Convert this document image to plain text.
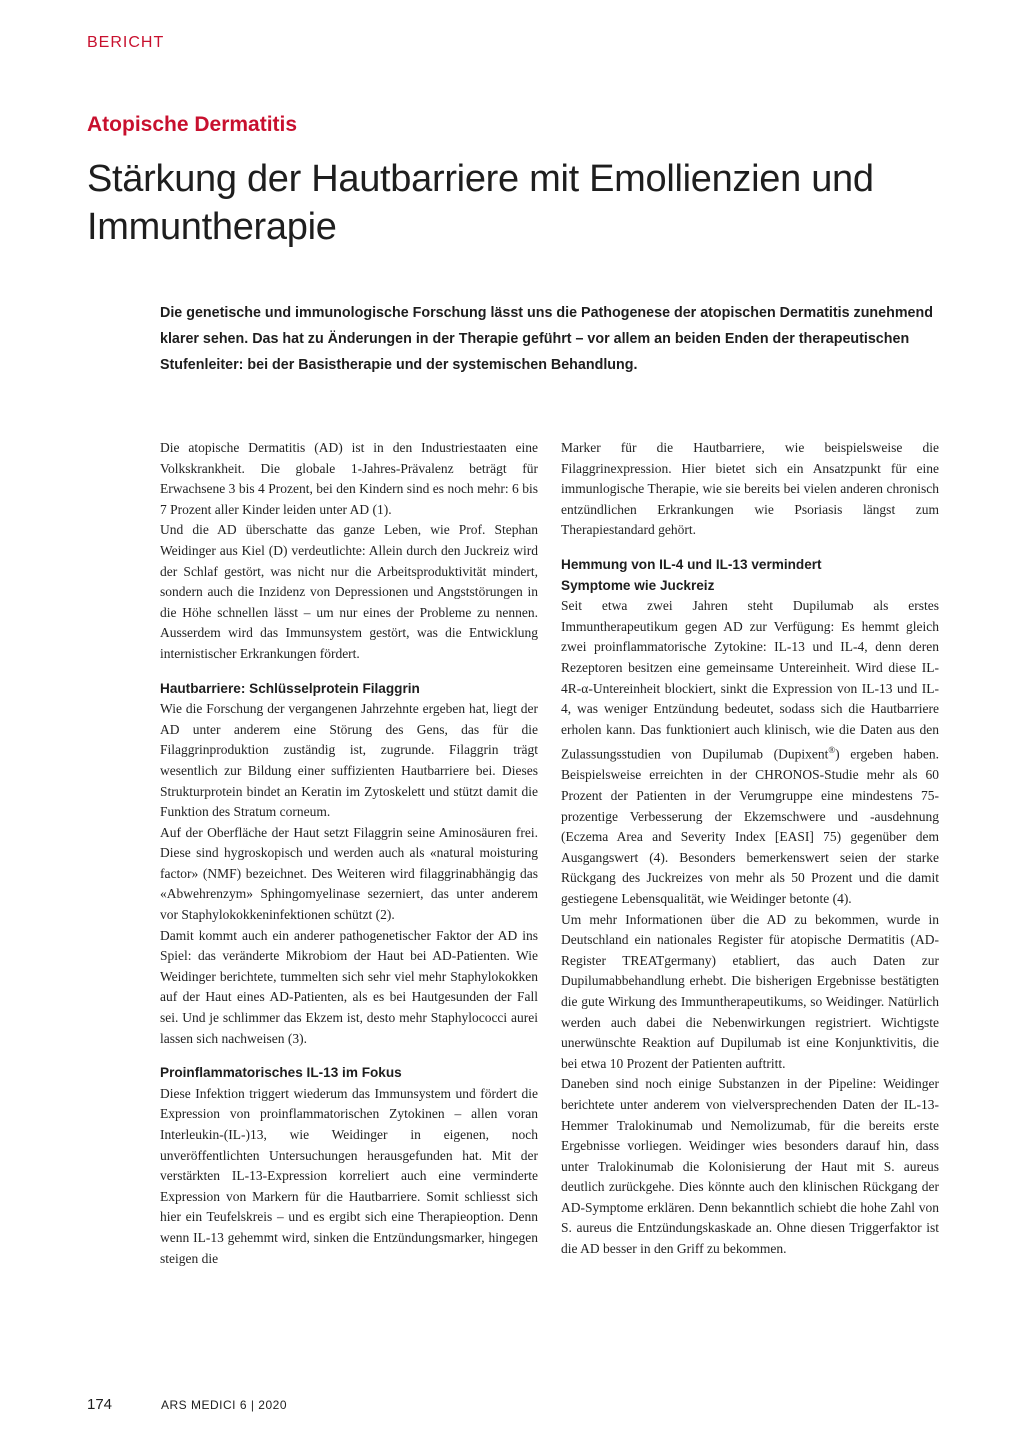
BERICHT
Atopische Dermatitis
Stärkung der Hautbarriere mit Emollienzien und Immuntherapie

Die genetische und immunologische Forschung lässt uns die Pathogenese der atopischen Dermatitis zunehmend klarer sehen. Das hat zu Änderungen in der Therapie geführt – vor allem an beiden Enden der therapeutischen Stufenleiter: bei der Basistherapie und der systemischen Behandlung.

Die atopische Dermatitis (AD) ist in den Industriestaaten eine Volkskrankheit. Die globale 1-Jahres-Prävalenz beträgt für Erwachsene 3 bis 4 Prozent, bei den Kindern sind es noch mehr: 6 bis 7 Prozent aller Kinder leiden unter AD (1).

Und die AD überschatte das ganze Leben, wie Prof. Stephan Weidinger aus Kiel (D) verdeutlichte: Allein durch den Juckreiz wird der Schlaf gestört, was nicht nur die Arbeitsproduktivität mindert, sondern auch die Inzidenz von Depressionen und Angststörungen in die Höhe schnellen lässt – um nur eines der Probleme zu nennen. Ausserdem wird das Immunsystem gestört, was die Entwicklung internistischer Erkrankungen fördert.

Hautbarriere: Schlüsselprotein Filaggrin

Wie die Forschung der vergangenen Jahrzehnte ergeben hat, liegt der AD unter anderem eine Störung des Gens, das für die Filaggrinproduktion zuständig ist, zugrunde. Filaggrin trägt wesentlich zur Bildung einer suffizienten Hautbarriere bei. Dieses Strukturprotein bindet an Keratin im Zytoskelett und stützt damit die Funktion des Stratum corneum.

Auf der Oberfläche der Haut setzt Filaggrin seine Aminosäuren frei. Diese sind hygroskopisch und werden auch als «natural moisturing factor» (NMF) bezeichnet. Des Weiteren wird filaggrinabhängig das «Abwehrenzym» Sphingomyelinase sezerniert, das unter anderem vor Staphylokokkeninfektionen schützt (2).

Damit kommt auch ein anderer pathogenetischer Faktor der AD ins Spiel: das veränderte Mikrobiom der Haut bei AD-Patienten. Wie Weidinger berichtete, tummelten sich sehr viel mehr Staphylokokken auf der Haut eines AD-Patienten, als es bei Hautgesunden der Fall sei. Und je schlimmer das Ekzem ist, desto mehr Staphylococci aurei lassen sich nachweisen (3).

Proinflammatorisches IL-13 im Fokus

Diese Infektion triggert wiederum das Immunsystem und fördert die Expression von proinflammatorischen Zytokinen – allen voran Interleukin-(IL-)13, wie Weidinger in eigenen, noch unveröffentlichten Untersuchungen herausgefunden hat. Mit der verstärkten IL-13-Expression korreliert auch eine verminderte Expression von Markern für die Hautbarriere. Somit schliesst sich hier ein Teufelskreis – und es ergibt sich eine Therapieoption. Denn wenn IL-13 gehemmt wird, sinken die Entzündungsmarker, hingegen steigen die

Marker für die Hautbarriere, wie beispielsweise die Filaggrinexpression. Hier bietet sich ein Ansatzpunkt für eine immunlogische Therapie, wie sie bereits bei vielen anderen chronisch entzündlichen Erkrankungen wie Psoriasis längst zum Therapiestandard gehört.

Hemmung von IL-4 und IL-13 vermindert
Symptome wie Juckreiz

Seit etwa zwei Jahren steht Dupilumab als erstes Immuntherapeutikum gegen AD zur Verfügung: Es hemmt gleich zwei proinflammatorische Zytokine: IL-13 und IL-4, denn deren Rezeptoren besitzen eine gemeinsame Untereinheit. Wird diese IL-4R-α-Untereinheit blockiert, sinkt die Expression von IL-13 und IL-4, was weniger Entzündung bedeutet, sodass sich die Hautbarriere erholen kann. Das funktioniert auch klinisch, wie die Daten aus den Zulassungsstudien von Dupilumab (Dupixent®) ergeben haben. Beispielsweise erreichten in der CHRONOS-Studie mehr als 60 Prozent der Patienten in der Verumgruppe eine mindestens 75-prozentige Verbesserung der Ekzemschwere und -ausdehnung (Eczema Area and Severity Index [EASI] 75) gegenüber dem Ausgangswert (4). Besonders bemerkenswert seien der starke Rückgang des Juckreizes von mehr als 50 Prozent und die damit gestiegene Lebensqualität, wie Weidinger betonte (4).

Um mehr Informationen über die AD zu bekommen, wurde in Deutschland ein nationales Register für atopische Dermatitis (AD-Register TREATgermany) etabliert, das auch Daten zur Dupilumabbehandlung erhebt. Die bisherigen Ergebnisse bestätigten die gute Wirkung des Immuntherapeutikums, so Weidinger. Natürlich werden auch dabei die Nebenwirkungen registriert. Wichtigste unerwünschte Reaktion auf Dupilumab ist eine Konjunktivitis, die bei etwa 10 Prozent der Patienten auftritt.

Daneben sind noch einige Substanzen in der Pipeline: Weidinger berichtete unter anderem von vielversprechenden Daten der IL-13-Hemmer Tralokinumab und Nemolizumab, für die bereits erste Ergebnisse vorliegen. Weidinger wies besonders darauf hin, dass unter Tralokinumab die Kolonisierung der Haut mit S. aureus deutlich zurückgehe. Dies könnte auch den klinischen Rückgang der AD-Symptome erklären. Denn bekanntlich schiebt die hohe Zahl von S. aureus die Entzündungskaskade an. Ohne diesen Triggerfaktor ist die AD besser in den Griff zu bekommen.

174	ARS MEDICI 6 | 2020
